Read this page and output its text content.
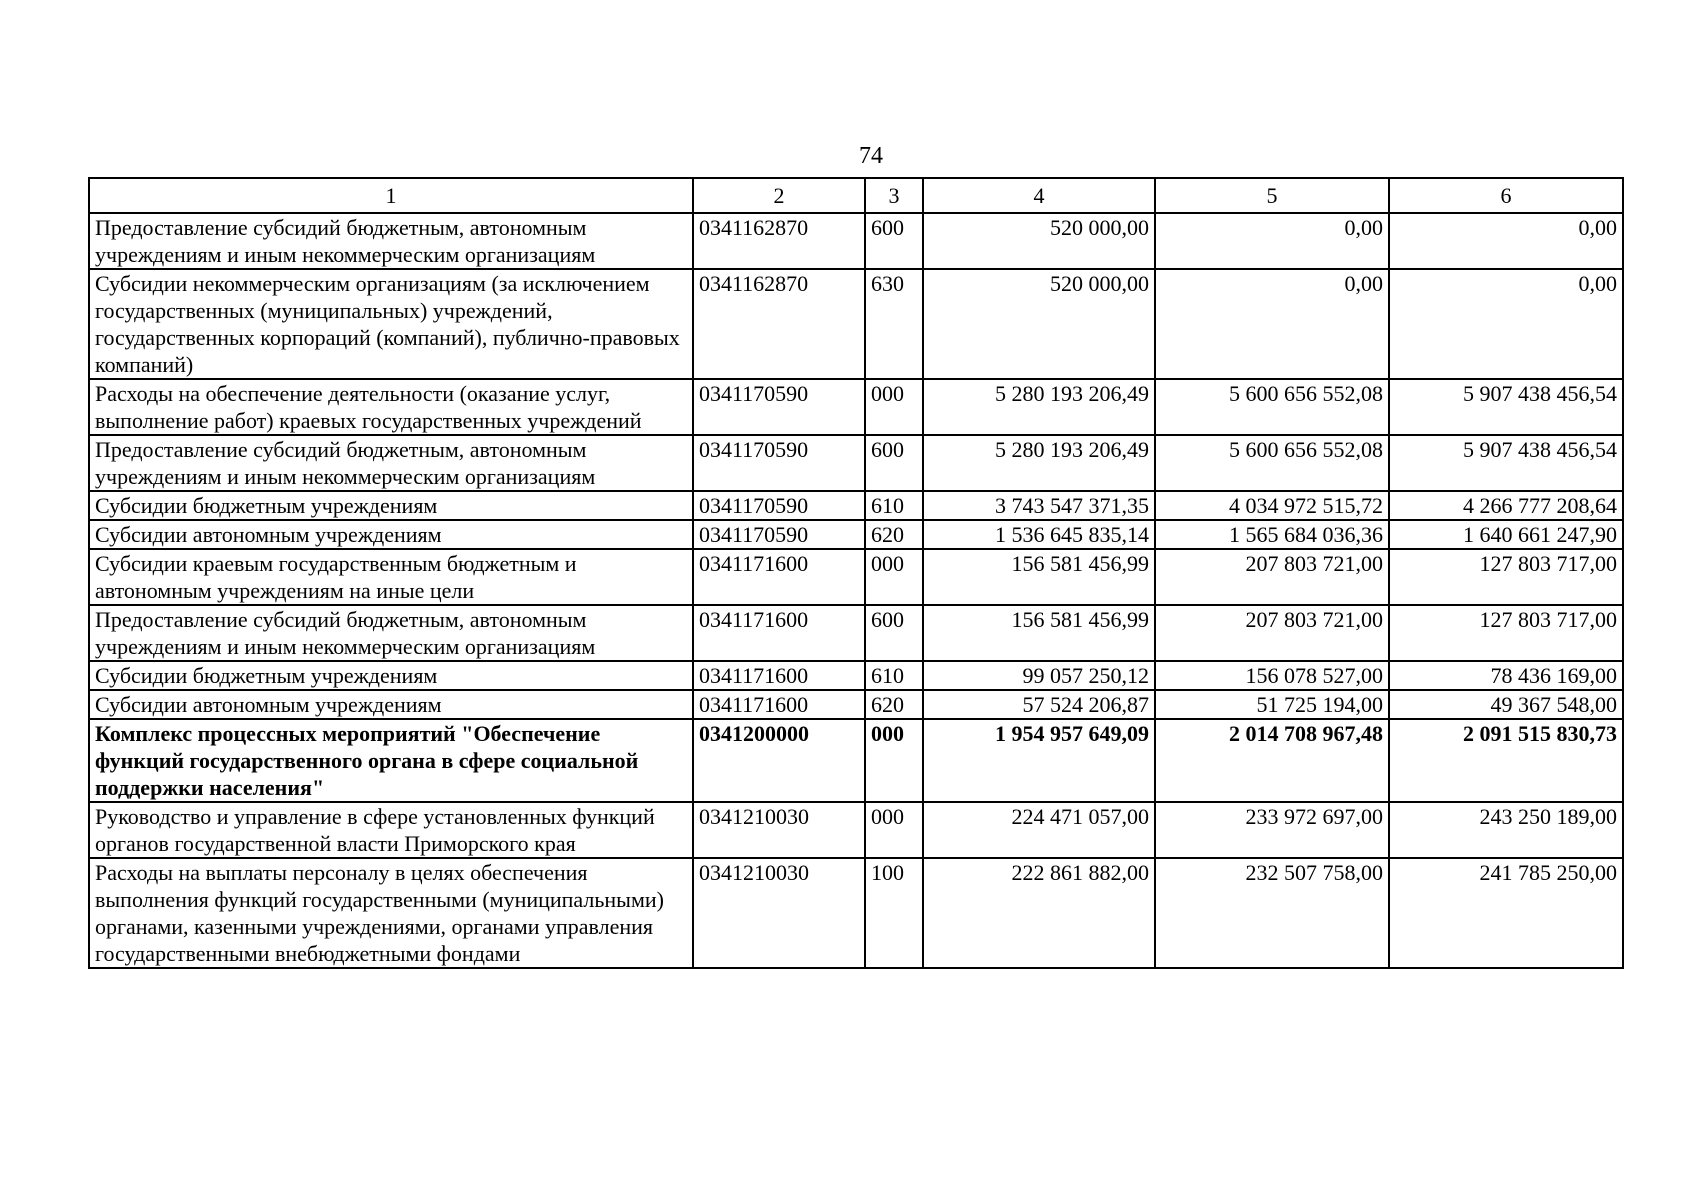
74
1	2	3	4	5	6
Предоставление субсидий бюджетным, автономным учреждениям и иным некоммерческим организациям	0341162870	600	520 000,00	0,00	0,00
Субсидии некоммерческим организациям (за исключением государственных (муниципальных) учреждений, государственных корпораций (компаний), публично-правовых компаний)	0341162870	630	520 000,00	0,00	0,00
Расходы на обеспечение деятельности (оказание услуг, выполнение работ) краевых государственных учреждений	0341170590	000	5 280 193 206,49	5 600 656 552,08	5 907 438 456,54
Предоставление субсидий бюджетным, автономным учреждениям и иным некоммерческим организациям	0341170590	600	5 280 193 206,49	5 600 656 552,08	5 907 438 456,54
Субсидии бюджетным учреждениям	0341170590	610	3 743 547 371,35	4 034 972 515,72	4 266 777 208,64
Субсидии автономным учреждениям	0341170590	620	1 536 645 835,14	1 565 684 036,36	1 640 661 247,90
Субсидии краевым государственным бюджетным и автономным учреждениям на иные цели	0341171600	000	156 581 456,99	207 803 721,00	127 803 717,00
Предоставление субсидий бюджетным, автономным учреждениям и иным некоммерческим организациям	0341171600	600	156 581 456,99	207 803 721,00	127 803 717,00
Субсидии бюджетным учреждениям	0341171600	610	99 057 250,12	156 078 527,00	78 436 169,00
Субсидии автономным учреждениям	0341171600	620	57 524 206,87	51 725 194,00	49 367 548,00
Комплекс процессных мероприятий "Обеспечение функций государственного органа в сфере социальной поддержки населения"	0341200000	000	1 954 957 649,09	2 014 708 967,48	2 091 515 830,73
Руководство и управление в сфере установленных функций органов государственной власти Приморского края	0341210030	000	224 471 057,00	233 972 697,00	243 250 189,00
Расходы на выплаты персоналу в целях обеспечения выполнения функций государственными (муниципальными) органами, казенными учреждениями, органами управления государственными внебюджетными фондами	0341210030	100	222 861 882,00	232 507 758,00	241 785 250,00
